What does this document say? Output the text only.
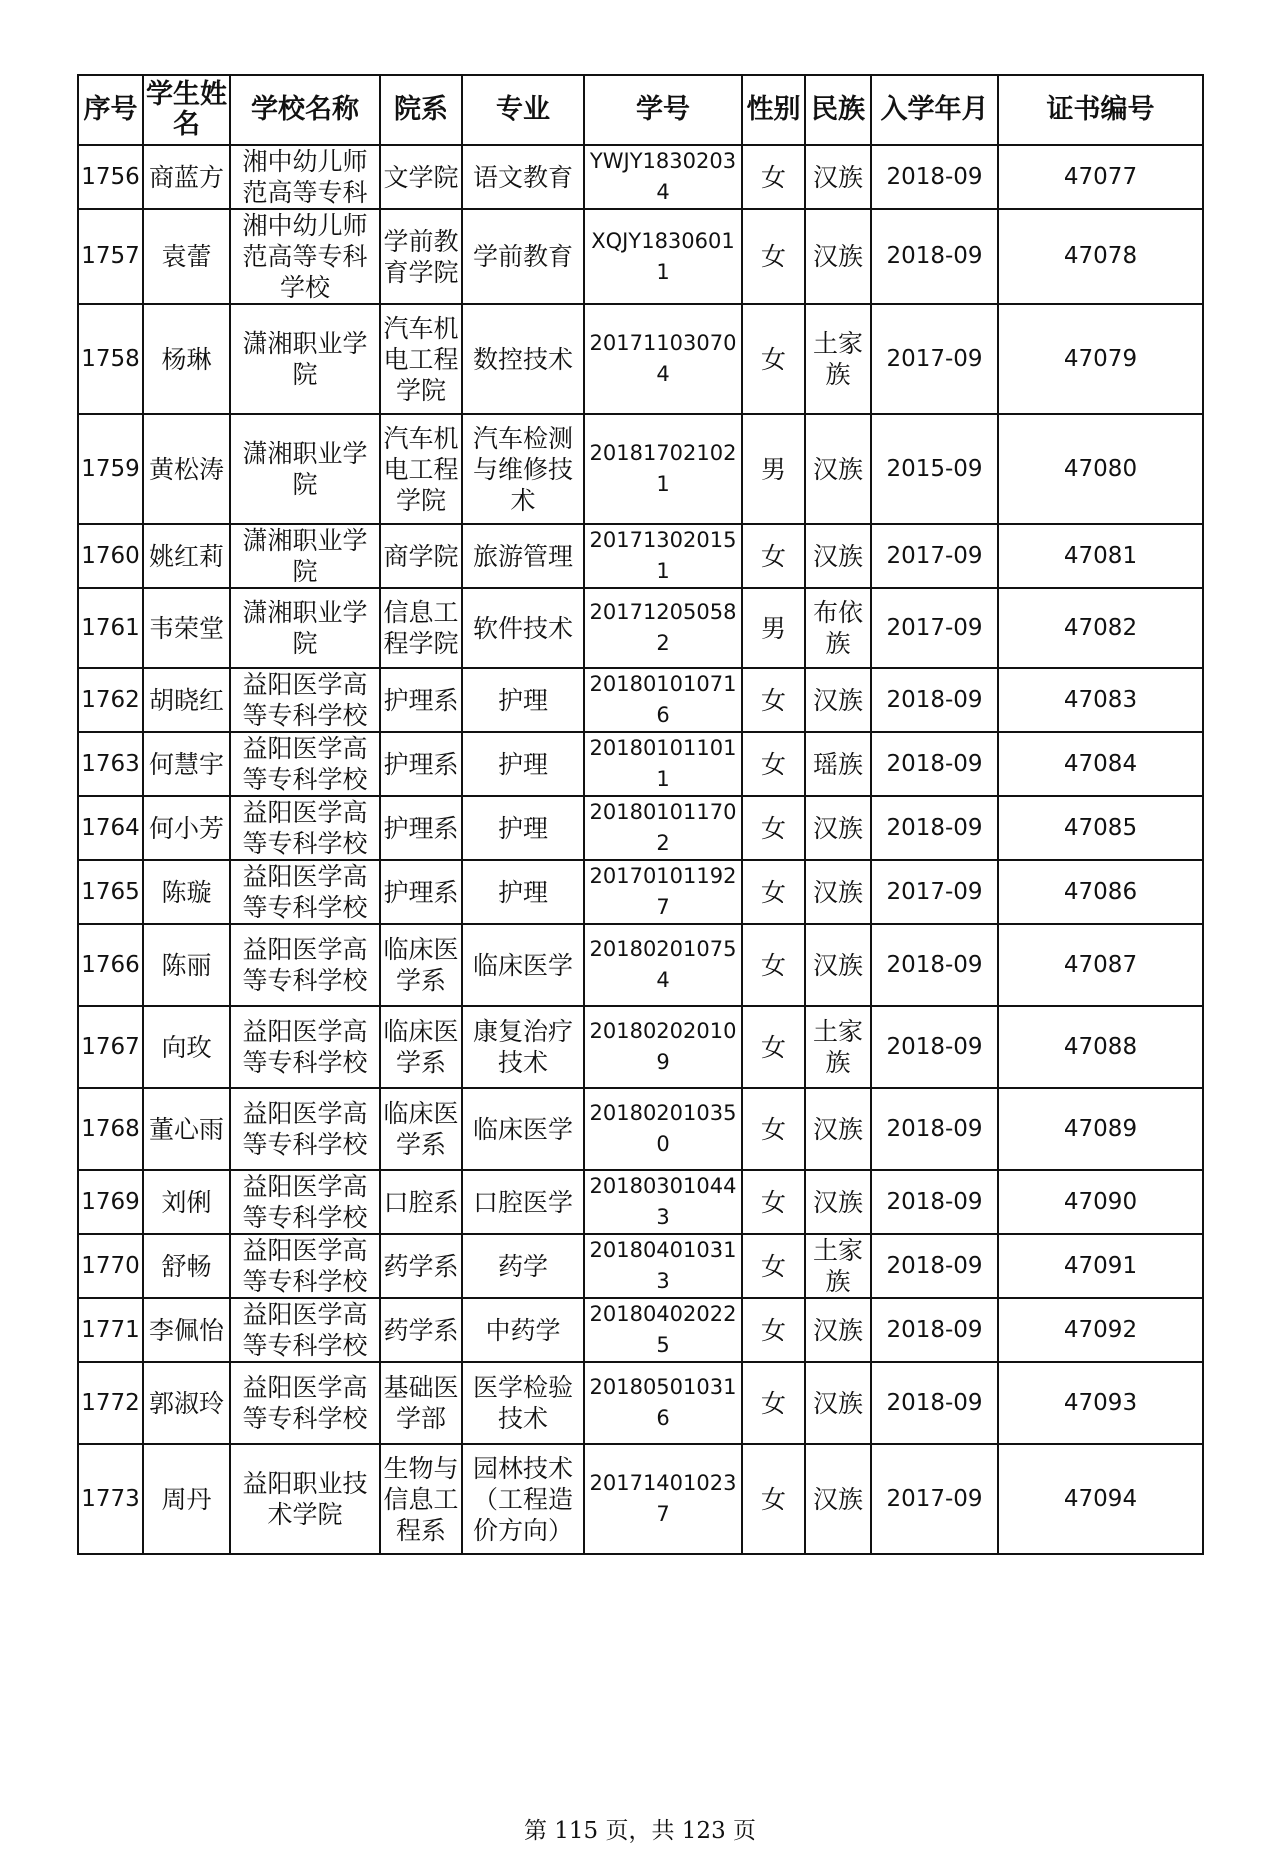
序号	学生姓名	学校名称	院系	专业	学号	性别	民族	入学年月	证书编号
1756	商蓝方	湘中幼儿师范高等专科	文学院	语文教育	YWJY18302034	女	汉族	2018-09	47077
1757	袁蕾	湘中幼儿师范高等专科学校	学前教育学院	学前教育	XQJY18306011	女	汉族	2018-09	47078
1758	杨琳	潇湘职业学院	汽车机电工程学院	数控技术	201711030704	女	土家族	2017-09	47079
1759	黄松涛	潇湘职业学院	汽车机电工程学院	汽车检测与维修技术	201817021021	男	汉族	2015-09	47080
1760	姚红莉	潇湘职业学院	商学院	旅游管理	201713020151	女	汉族	2017-09	47081
1761	韦荣堂	潇湘职业学院	信息工程学院	软件技术	201712050582	男	布依族	2017-09	47082
1762	胡晓红	益阳医学高等专科学校	护理系	护理	201801010716	女	汉族	2018-09	47083
1763	何慧宇	益阳医学高等专科学校	护理系	护理	201801011011	女	瑶族	2018-09	47084
1764	何小芳	益阳医学高等专科学校	护理系	护理	201801011702	女	汉族	2018-09	47085
1765	陈璇	益阳医学高等专科学校	护理系	护理	201701011927	女	汉族	2017-09	47086
1766	陈丽	益阳医学高等专科学校	临床医学系	临床医学	201802010754	女	汉族	2018-09	47087
1767	向玫	益阳医学高等专科学校	临床医学系	康复治疗技术	201802020109	女	土家族	2018-09	47088
1768	董心雨	益阳医学高等专科学校	临床医学系	临床医学	201802010350	女	汉族	2018-09	47089
1769	刘俐	益阳医学高等专科学校	口腔系	口腔医学	201803010443	女	汉族	2018-09	47090
1770	舒畅	益阳医学高等专科学校	药学系	药学	201804010313	女	土家族	2018-09	47091
1771	李佩怡	益阳医学高等专科学校	药学系	中药学	201804020225	女	汉族	2018-09	47092
1772	郭淑玲	益阳医学高等专科学校	基础医学部	医学检验技术	201805010316	女	汉族	2018-09	47093
1773	周丹	益阳职业技术学院	生物与信息工程系	园林技术（工程造价方向）	201714010237	女	汉族	2017-09	47094
第 115 页，共 123 页
